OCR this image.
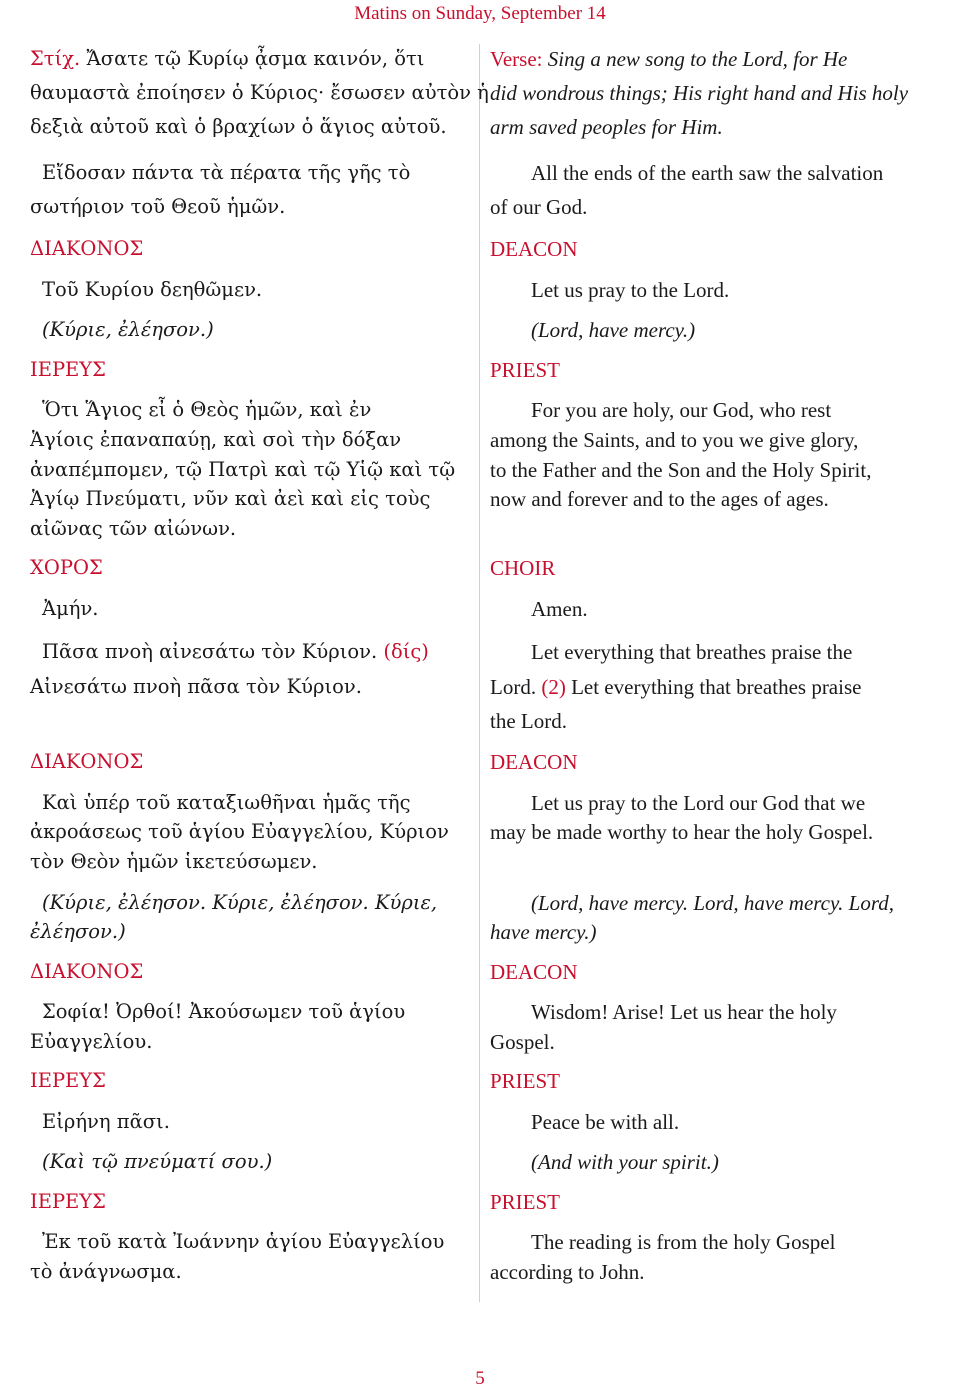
Matins on Sunday, September 14
Στίχ. Ἄσατε τῷ Κυρίῳ ᾆσμα καινόν, ὅτι
θαυμαστὰ ἐποίησεν ὁ Κύριος· ἔσωσεν αὐτὸν ἡ
δεξιὰ αὐτοῦ καὶ ὁ βραχίων ὁ ἅγιος αὐτοῦ.
Εἴδοσαν πάντα τὰ πέρατα τῆς γῆς τὸ
σωτήριον τοῦ Θεοῦ ἡμῶν.
ΔΙΑΚΟΝΟΣ
Τοῦ Κυρίου δεηθῶμεν.
(Κύριε, ἐλέησον.)
ΙΕΡΕΥΣ
Ὅτι Ἅγιος εἶ ὁ Θεὸς ἡμῶν, καὶ ἐν
Ἁγίοις ἐπαναπαύῃ, καὶ σοὶ τὴν δόξαν
ἀναπέμπομεν, τῷ Πατρὶ καὶ τῷ Υἱῷ καὶ τῷ
Ἁγίῳ Πνεύματι, νῦν καὶ ἀεὶ καὶ εἰς τοὺς
αἰῶνας τῶν αἰώνων.
ΧΟΡΟΣ
Ἀμήν.
Πᾶσα πνοὴ αἰνεσάτω τὸν Κύριον. (δίς)
Αἰνεσάτω πνοὴ πᾶσα τὸν Κύριον.
ΔΙΑΚΟΝΟΣ
Καὶ ὑπέρ τοῦ καταξιωθῆναι ἡμᾶς τῆς
ἀκροάσεως τοῦ ἁγίου Εὐαγγελίου, Κύριον
τὸν Θεὸν ἡμῶν ἱκετεύσωμεν.
(Κύριε, ἐλέησον. Κύριε, ἐλέησον. Κύριε,
ἐλέησον.)
ΔΙΑΚΟΝΟΣ
Σοφία! Ὀρθοί! Ἀκούσωμεν τοῦ ἁγίου
Εὐαγγελίου.
ΙΕΡΕΥΣ
Εἰρήνη πᾶσι.
(Καὶ τῷ πνεύματί σου.)
ΙΕΡΕΥΣ
Ἐκ τοῦ κατὰ Ἰωάννην ἁγίου Εὐαγγελίου
τὸ ἀνάγνωσμα.
Verse: Sing a new song to the Lord, for He
did wondrous things; His right hand and His holy
arm saved peoples for Him.
All the ends of the earth saw the salvation
of our God.
DEACON
Let us pray to the Lord.
(Lord, have mercy.)
PRIEST
For you are holy, our God, who rest
among the Saints, and to you we give glory,
to the Father and the Son and the Holy Spirit,
now and forever and to the ages of ages.
CHOIR
Amen.
Let everything that breathes praise the
Lord. (2) Let everything that breathes praise
the Lord.
DEACON
Let us pray to the Lord our God that we
may be made worthy to hear the holy Gospel.
(Lord, have mercy. Lord, have mercy. Lord,
have mercy.)
DEACON
Wisdom! Arise! Let us hear the holy
Gospel.
PRIEST
Peace be with all.
(And with your spirit.)
PRIEST
The reading is from the holy Gospel
according to John.
5
